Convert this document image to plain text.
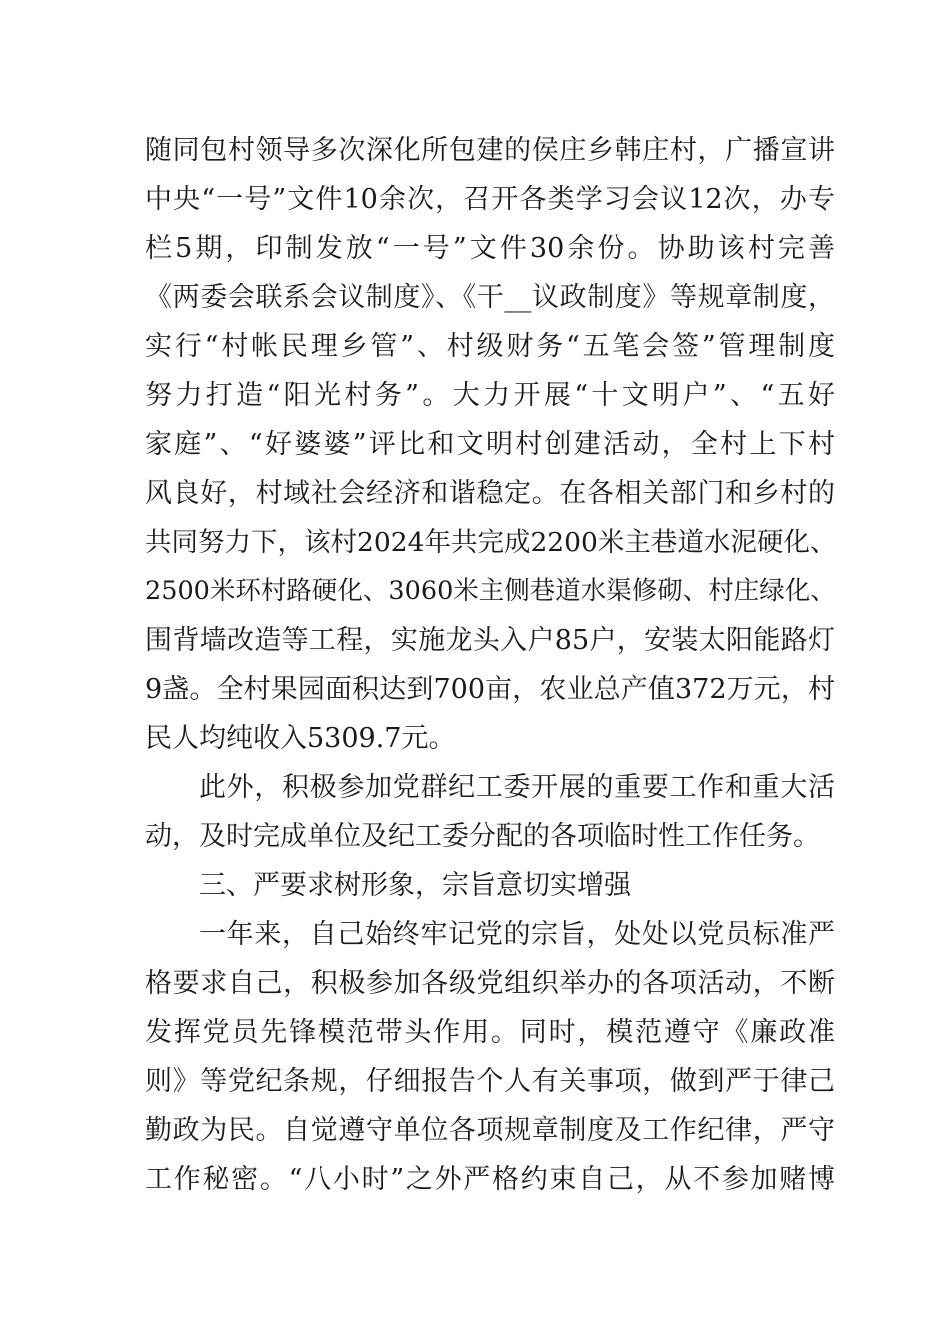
随同包村领导多次深化所包建的侯庄乡韩庄村，广播宣讲
中央“一号”文件10余次，召开各类学习会议12次，办专
栏5期，印制发放“一号”文件30余份。协助该村完善
《两委会联系会议制度》、《干__议政制度》等规章制度，
实行“村帐民理乡管”、村级财务“五笔会签”管理制度
努力打造“阳光村务”。大力开展“十文明户”、“五好
家庭”、“好婆婆”评比和文明村创建活动，全村上下村
风良好，村域社会经济和谐稳定。在各相关部门和乡村的
共同努力下，该村2024年共完成2200米主巷道水泥硬化、
2500米环村路硬化、3060米主侧巷道水渠修砌、村庄绿化、
围背墙改造等工程，实施龙头入户85户，安装太阳能路灯
9盏。全村果园面积达到700亩，农业总产值372万元，村
民人均纯收入5309.7元。
此外，积极参加党群纪工委开展的重要工作和重大活
动，及时完成单位及纪工委分配的各项临时性工作任务。
三、严要求树形象，宗旨意切实增强
一年来，自己始终牢记党的宗旨，处处以党员标准严
格要求自己，积极参加各级党组织举办的各项活动，不断
发挥党员先锋模范带头作用。同时，模范遵守《廉政准
则》等党纪条规，仔细报告个人有关事项，做到严于律己
勤政为民。自觉遵守单位各项规章制度及工作纪律，严守
工作秘密。“八小时”之外严格约束自己，从不参加赌博
